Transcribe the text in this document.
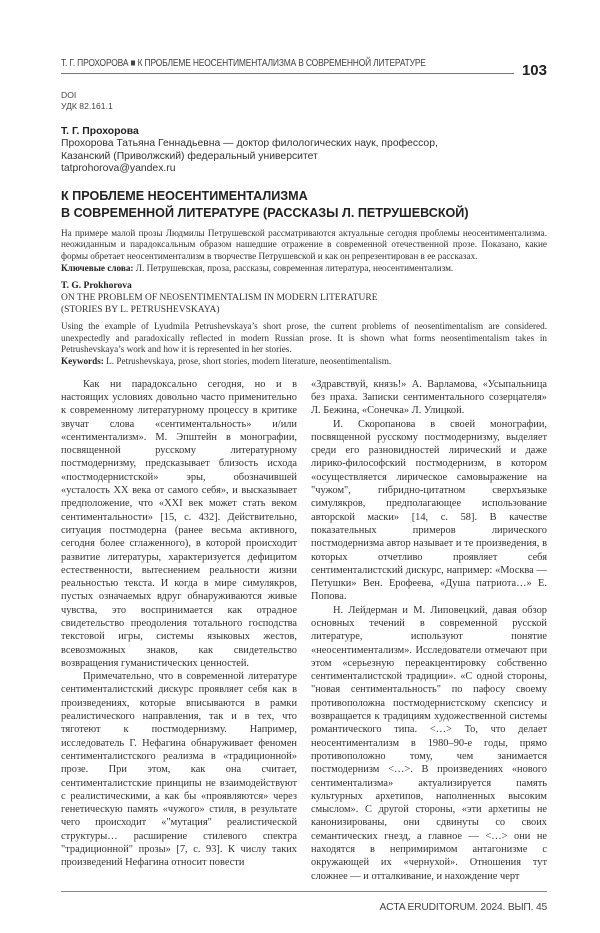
Т. Г. ПРОХОРОВА ■ К ПРОБЛЕМЕ НЕОСЕНТИМЕНТАЛИЗМА В СОВРЕМЕННОЙ ЛИТЕРАТУРЕ	103
DOI
УДК 82.161.1
Т. Г. Прохорова
Прохорова Татьяна Геннадьевна — доктор филологических наук, профессор,
Казанский (Приволжский) федеральный университет
tatprohorova@yandex.ru
К ПРОБЛЕМЕ НЕОСЕНТИМЕНТАЛИЗМА
В СОВРЕМЕННОЙ ЛИТЕРАТУРЕ (РАССКАЗЫ Л. ПЕТРУШЕВСКОЙ)
На примере малой прозы Людмилы Петрушевской рассматриваются актуальные сегодня проблемы неосентиментализма. неожиданным и парадоксальным образом нашедшие отражение в современной отечественной прозе. Показано, какие формы обретает неосентиментализм в творчестве Петрушевской и как он репрезентирован в ее рассказах.
Ключевые слова: Л. Петрушевская, проза, рассказы, современная литература, неосентиментализм.
T. G. Prokhorova
ON THE PROBLEM OF NEOSENTIMENTALISM IN MODERN LITERATURE
(STORIES BY L. PETRUSHEVSKAYA)
Using the example of Lyudmila Petrushevskaya’s short prose, the current problems of neosentimentalism are considered. unexpectedly and paradoxically reflected in modern Russian prose. It is shown what forms neosentimentalism takes in Petrushevskaya’s work and how it is represented in her stories.
Keywords: L. Petrushevskaya, prose, short stories, modern literature, neosentimentalism.

Как ни парадоксально сегодня, но и в настоящих условиях довольно часто применительно к современному литературному процессу в критике звучат слова «сентиментальность» и/или «сентиментализм». М. Эпштейн в монографии, посвященной русскому литературному постмодернизму, предсказывает близость исхода «постмодернистской» эры, обозначившей «усталость XX века от самого себя», и высказывает предположение, что «XXI век может стать веком сентиментальности» [15, с. 432]. Действительно, ситуация постмодерна (ранее весьма активного, сегодня более сглаженного), в которой происходит развитие литературы, характеризуется дефицитом естественности, вытеснением реальности жизни реальностью текста. И когда в мире симулякров, пустых означаемых вдруг обнаруживаются живые чувства, это воспринимается как отрадное свидетельство преодоления тотального господства текстовой игры, системы языковых жестов, всевозможных знаков, как свидетельство возвращения гуманистических ценностей.

Примечательно, что в современной литературе сентименталистский дискурс проявляет себя как в произведениях, которые вписываются в рамки реалистического направления, так и в тех, что тяготеют к постмодернизму. Например, исследователь Г. Нефагина обнаруживает феномен сентименталистского реализма в «традиционной» прозе. При этом, как она считает, сентименталистские принципы не взаимодействуют с реалистическими, а как бы «проявляются» через генетическую память «чужого» стиля, в результате чего происходит «"мутация" реалистической структуры… расширение стилевого спектра "традиционной" прозы» [7, с. 93]. К числу таких произведений Нефагина относит повести

«Здравствуй, князь!» А. Варламова, «Усыпальница без праха. Записки сентиментального созерцателя» Л. Бежина, «Сонечка» Л. Улицкой.

И. Скоропанова в своей монографии, посвященной русскому постмодернизму, выделяет среди его разновидностей лирический и даже лирико-философский постмодернизм, в котором «осуществляется лирическое самовыражение на "чужом", гибридно-цитатном сверхъязыке симулякров, предполагающее использование авторской маски» [14, с. 58]. В качестве показательных примеров лирического постмодернизма автор называет и те произведения, в которых отчетливо проявляет себя сентименталистский дискурс, например: «Москва — Петушки» Вен. Ерофеева, «Душа патриота…» Е. Попова.

Н. Лейдерман и М. Липовецкий, давая обзор основных течений в современной русской литературе, используют понятие «неосентиментализм». Исследователи отмечают при этом «серьезную переакцентировку собственно сентименталистской традиции». «С одной стороны, "новая сентиментальность" по пафосу своему противоположна постмодернистскому скепсису и возвращается к традициям художественной системы романтического типа. <…> То, что делает неосентиментализм в 1980–90-е годы, прямо противоположно тому, чем занимается постмодернизм <…>. В произведениях «нового сентиментализма» актуализируется память культурных архетипов, наполненных высоким смыслом». С другой стороны, «эти архетипы не канонизированы, они сдвинуты со своих семантических гнезд, а главное — <…> они не находятся в непримиримом антагонизме с окружающей их «чернухой». Отношения тут сложнее — и отталкивание, и нахождение черт

ACTA ERUDITORUM. 2024. ВЫП. 45
